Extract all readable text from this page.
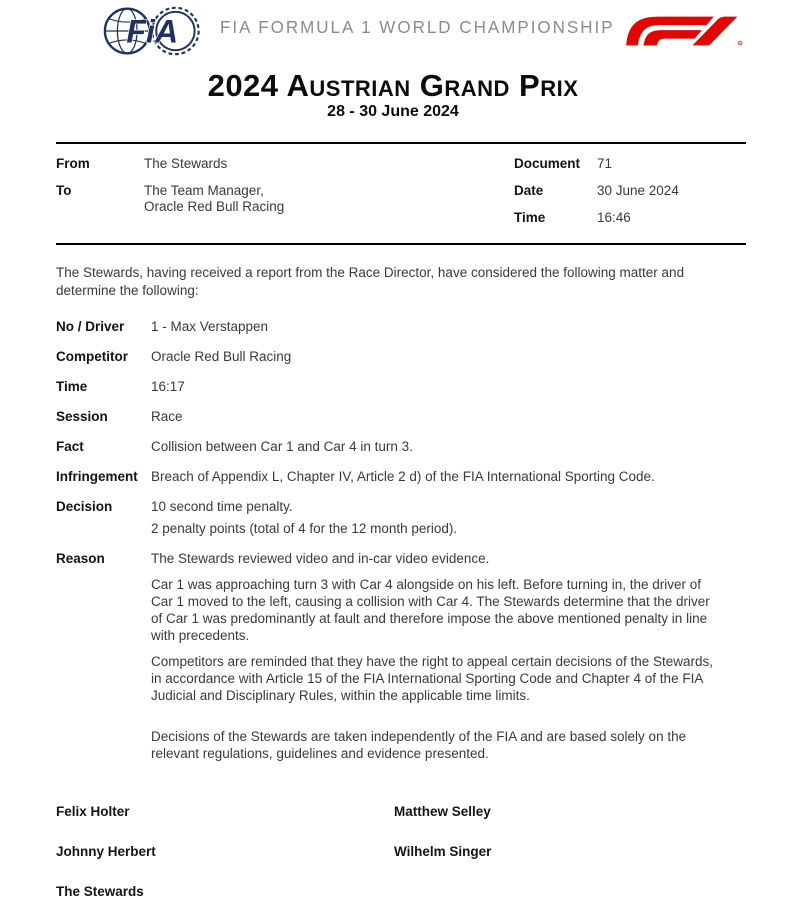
FiA	FIA FORMULA 1 WORLD CHAMPIONSHIP
R
2024 Austrian Grand Prix
28 - 30 June 2024
From	The Stewards
To	The Team Manager,
Oracle Red Bull Racing
Document	71
Date	30 June 2024
Time	16:46

The Stewards, having received a report from the Race Director, have considered the following matter and determine the following:

No / Driver	1 - Max Verstappen
Competitor	Oracle Red Bull Racing
Time	16:17
Session	Race
Fact	Collision between Car 1 and Car 4 in turn 3.
Infringement Breach of Appendix L, Chapter IV, Article 2 d) of the FIA International Sporting Code.
Decision	10 second time penalty.
2 penalty points (total of 4 for the 12 month period).
Reason	The Stewards reviewed video and in-car video evidence.

Car 1 was approaching turn 3 with Car 4 alongside on his left. Before turning in, the driver of Car 1 moved to the left, causing a collision with Car 4. The Stewards determine that the driver of Car 1 was predominantly at fault and therefore impose the above mentioned penalty in line with precedents.

Competitors are reminded that they have the right to appeal certain decisions of the Stewards, in accordance with Article 15 of the FIA International Sporting Code and Chapter 4 of the FIA Judicial and Disciplinary Rules, within the applicable time limits.

Decisions of the Stewards are taken independently of the FIA and are based solely on the relevant regulations, guidelines and evidence presented.

Felix Holter	Matthew Selley
Johnny Herbert	Wilhelm Singer
The Stewards
